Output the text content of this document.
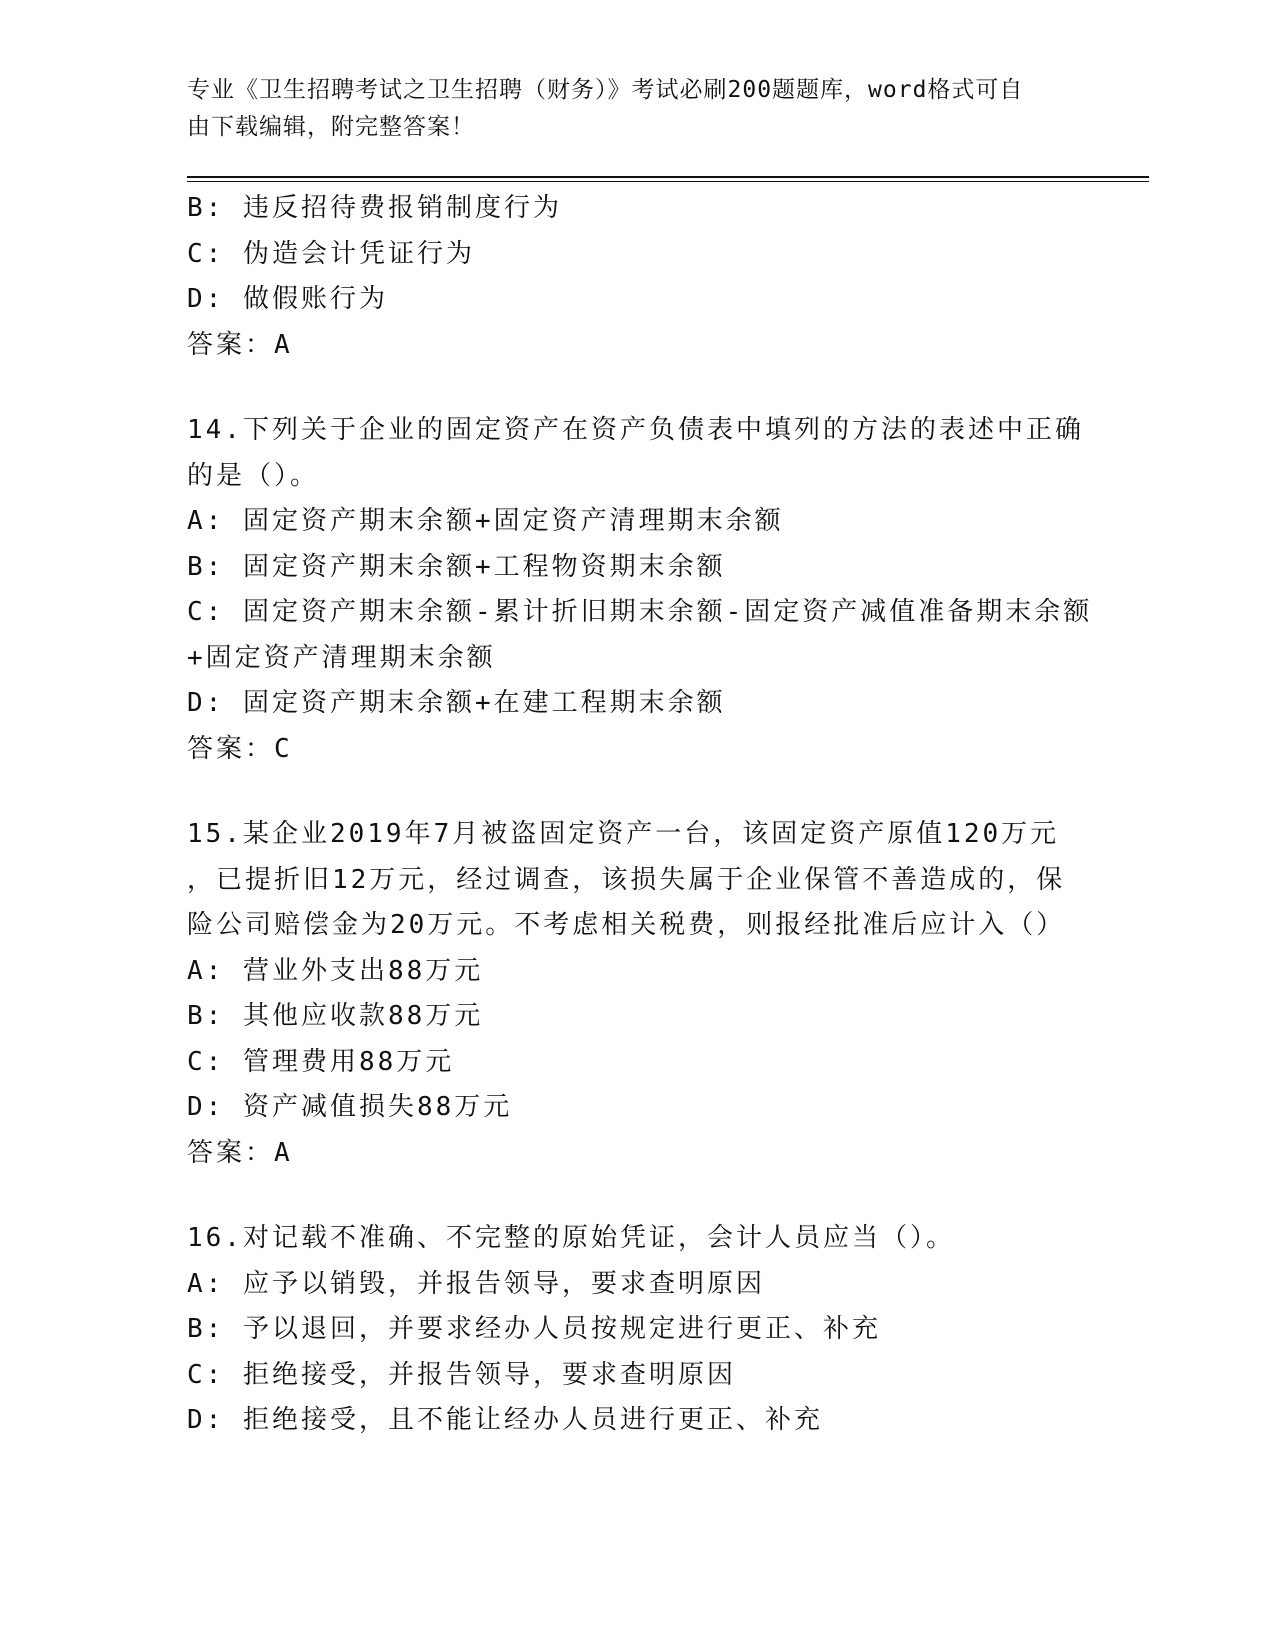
专业《卫生招聘考试之卫生招聘（财务）》考试必刷200题题库，word格式可自
由下载编辑，附完整答案！
B: 违反招待费报销制度行为
C: 伪造会计凭证行为
D: 做假账行为
答案：A
14.下列关于企业的固定资产在资产负债表中填列的方法的表述中正确
的是（）。
A: 固定资产期末余额+固定资产清理期末余额
B: 固定资产期末余额+工程物资期末余额
C: 固定资产期末余额-累计折旧期末余额-固定资产减值准备期末余额
+固定资产清理期末余额
D: 固定资产期末余额+在建工程期末余额
答案：C
15.某企业2019年7月被盗固定资产一台，该固定资产原值120万元
，已提折旧12万元，经过调查，该损失属于企业保管不善造成的，保
险公司赔偿金为20万元。不考虑相关税费，则报经批准后应计入（）
A: 营业外支出88万元
B: 其他应收款88万元
C: 管理费用88万元
D: 资产减值损失88万元
答案：A
16.对记载不准确、不完整的原始凭证，会计人员应当（）。
A: 应予以销毁，并报告领导，要求查明原因
B: 予以退回，并要求经办人员按规定进行更正、补充
C: 拒绝接受，并报告领导，要求查明原因
D: 拒绝接受，且不能让经办人员进行更正、补充
